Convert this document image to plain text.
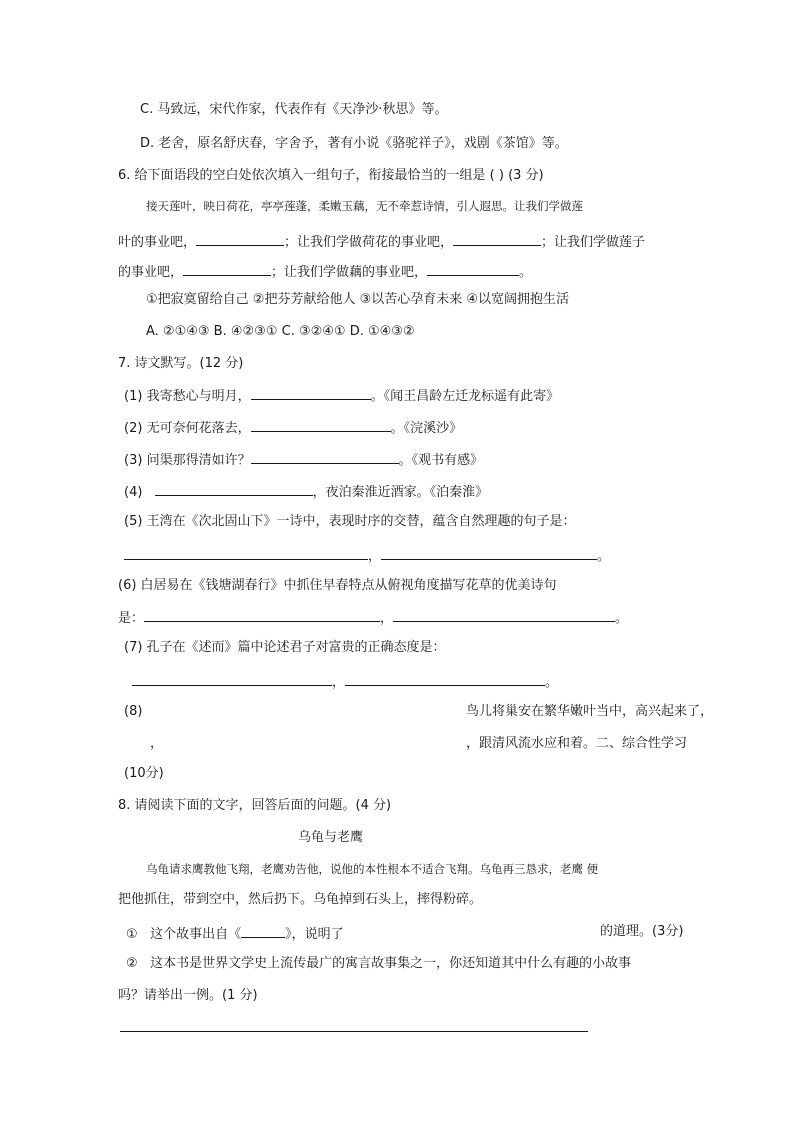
C. 马致远，宋代作家，代表作有《天净沙·秋思》等。

D. 老舍，原名舒庆春，字舍予，著有小说《骆驼祥子》，戏剧《茶馆》等。

6. 给下面语段的空白处依次填入一组句子，衔接最恰当的一组是 ( ) (3 分)

接天莲叶，映日荷花，亭亭莲蓬，柔嫩玉藕，无不牵惹诗情，引人遐思。让我们学做莲

叶的事业吧，	；让我们学做荷花的事业吧，	；让我们学做莲子

的事业吧，	；让我们学做藕的事业吧，	。

①把寂寞留给自己 ②把芬芳献给他人 ③以苦心孕育未来 ④以宽阔拥抱生活

A. ②①④③ B. ④②③① C. ③②④① D. ①④③②

7. 诗文默写。(12 分)

(1) 我寄愁心与明月，	。《闻王昌龄左迁龙标遥有此寄》

(2) 无可奈何花落去，	。《浣溪沙》

(3) 问渠那得清如许？	。《观书有感》

(4)	，夜泊秦淮近酒家。《泊秦淮》

(5) 王湾在《次北固山下》一诗中，表现时序的交替，蕴含自然理趣的句子是：

，	。

(6) 白居易在《钱塘湖春行》中抓住早春特点从俯视角度描写花草的优美诗句

是：	，	。

(7) 孔子在《述而》篇中论述君子对富贵的正确态度是：

，	。

(8)	鸟儿将巢安在繁华嫩叶当中，高兴起来了，

，	，跟清风流水应和着。二、综合性学习

(10分)

8. 请阅读下面的文字，回答后面的问题。(4 分)

乌龟与老鹰

乌龟请求鹰教他飞翔，老鹰劝告他，说他的本性根本不适合飞翔。乌龟再三恳求，老鹰 便

把他抓住，带到空中，然后扔下。乌龟掉到石头上，摔得粉碎。

① 这个故事出自《	》，说明了	的道理。(3分)

② 这本书是世界文学史上流传最广的寓言故事集之一，你还知道其中什么有趣的小故事

吗？请举出一例。(1 分)
